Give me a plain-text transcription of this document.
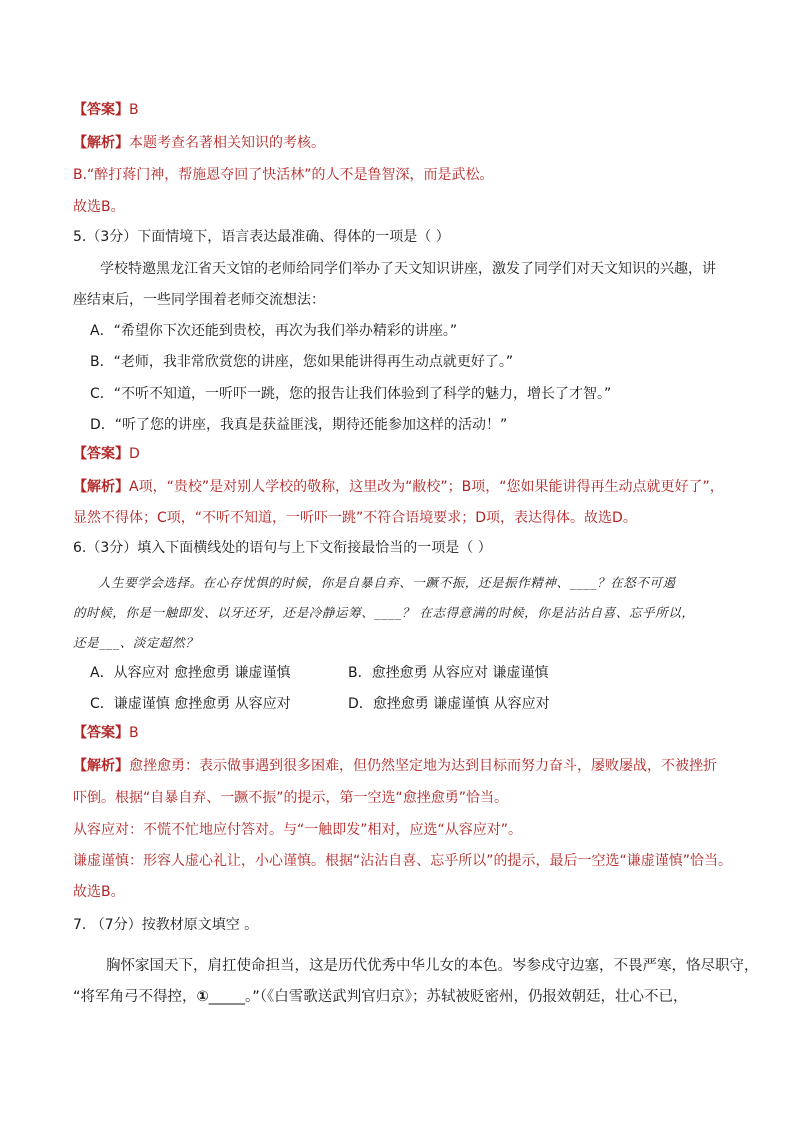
【答案】B
【解析】本题考查名著相关知识的考核。
B.“醉打蒋门神，帮施恩夺回了快活林”的人不是鲁智深，而是武松。
故选B。
5.（3分）下面情境下，语言表达最准确、得体的一项是（ ）
学校特邀黑龙江省天文馆的老师给同学们举办了天文知识讲座，激发了同学们对天文知识的兴趣，讲
座结束后，一些同学围着老师交流想法：
A．“希望你下次还能到贵校，再次为我们举办精彩的讲座。”
B．“老师，我非常欣赏您的讲座，您如果能讲得再生动点就更好了。”
C．“不听不知道，一听吓一跳，您的报告让我们体验到了科学的魅力，增长了才智。”
D．“听了您的讲座，我真是获益匪浅，期待还能参加这样的活动！”
【答案】D
【解析】A项，“贵校”是对别人学校的敬称，这里改为“敝校”；B项，“您如果能讲得再生动点就更好了”，
显然不得体；C项，“不听不知道，一听吓一跳”不符合语境要求；D项，表达得体。故选D。
6.（3分）填入下面横线处的语句与上下文衔接最恰当的一项是（ ）
人生要学会选择。在心存忧惧的时候，你是自暴自弃、一蹶不振，还是振作精神、____？在怒不可遏
的时候，你是一触即发、以牙还牙，还是冷静运筹、____？ 在志得意满的时候，你是沾沾自喜、忘乎所以，
还是___、淡定超然？
A．从容应对 愈挫愈勇 谦虚谨慎	B．愈挫愈勇 从容应对 谦虚谨慎
C．谦虚谨慎 愈挫愈勇 从容应对	D．愈挫愈勇 谦虚谨慎 从容应对
【答案】B
【解析】愈挫愈勇：表示做事遇到很多困难，但仍然坚定地为达到目标而努力奋斗，屡败屡战，不被挫折
吓倒。根据“自暴自弃、一蹶不振”的提示，第一空选“愈挫愈勇”恰当。
从容应对：不慌不忙地应付答对。与“一触即发”相对，应选“从容应对”。
谦虚谨慎：形容人虚心礼让，小心谨慎。根据“沾沾自喜、忘乎所以”的提示，最后一空选“谦虚谨慎”恰当。
故选B。
7. （7分）按教材原文填空 。
胸怀家国天下，肩扛使命担当，这是历代优秀中华儿女的本色。岑参戍守边塞，不畏严寒，恪尽职守，
“将军角弓不得控，①_____。”（《白雪歌送武判官归京》；苏轼被贬密州，仍报效朝廷，壮心不已，
